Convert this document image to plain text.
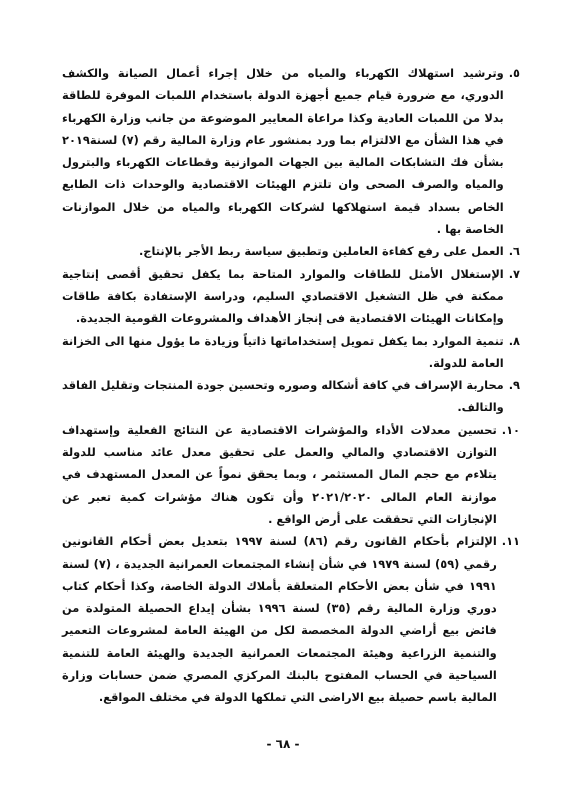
٥.
وترشيد استهلاك الكهرباء والمياه من خلال إجراء أعمال الصيانة والكشف الدوري، مع ضرورة قيام جميع أجهزة الدولة باستخدام اللمبات الموفرة للطاقة بدلا من اللمبات العادية وكذا مراعاة المعايير الموضوعة من جانب وزارة الكهرباء في هذا الشأن مع الالتزام بما ورد بمنشور عام وزارة المالية رقم (٧) لسنة٢٠١٩ بشأن فك التشابكات المالية بين الجهات الموازنية وقطاعات الكهرباء والبترول والمياه والصرف الصحى وان تلتزم الهيئات الاقتصادية والوحدات ذات الطابع الخاص بسداد قيمة استهلاكها لشركات الكهرباء والمياه من خلال الموازنات الخاصة بها .
٦.
العمل على رفع كفاءة العاملين وتطبيق سياسة ربط الأجر بالإنتاج.
٧.
الإستغلال الأمثل للطاقات والموارد المتاحة بما يكفل تحقيق أقصى إنتاجية ممكنة في ظل التشغيل الاقتصادي السليم، ودراسة الإستفادة بكافة طاقات وإمكانات الهيئات الاقتصادية فى إنجاز الأهداف والمشروعات القومية الجديدة.
٨.
تنمية الموارد بما يكفل تمويل إستخداماتها ذاتياً وزيادة ما يؤول منها الى الخزانة العامة للدولة.
٩.
محاربة الإسراف في كافة أشكاله وصوره وتحسين جودة المنتجات وتقليل الفاقد والتالف.
١٠.
تحسين معدلات الأداء والمؤشرات الاقتصادية عن النتائج الفعلية وإستهداف التوازن الاقتصادي والمالي والعمل على تحقيق معدل عائد مناسب للدولة يتلاءم مع حجم المال المستثمر ، وبما يحقق نمواً عن المعدل المستهدف في موازنة العام المالى ٢٠٢١/٢٠٢٠ وأن تكون هناك مؤشرات كمية تعبر عن الإنجازات التي تحققت على أرض الواقع .
١١.
الإلتزام بأحكام القانون رقم (٨٦) لسنة ١٩٩٧ بتعديل بعض أحكام القانونين رقمي (٥٩) لسنة ١٩٧٩ في شأن إنشاء المجتمعات العمرانية الجديدة ، (٧) لسنة ١٩٩١ في شأن بعض الأحكام المتعلقة بأملاك الدولة الخاصة، وكذا أحكام كتاب دوري وزارة المالية رقم (٣٥) لسنة ١٩٩٦ بشأن إيداع الحصيلة المتولدة من فائض بيع أراضي الدولة المخصصة لكل من الهيئة العامة لمشروعات التعمير والتنمية الزراعية وهيئة المجتمعات العمرانية الجديدة والهيئة العامة للتنمية السياحية في الحساب المفتوح بالبنك المركزي المصري ضمن حسابات وزارة المالية باسم حصيلة بيع الاراضى التي تملكها الدولة في مختلف المواقع.
- ٦٨ -
